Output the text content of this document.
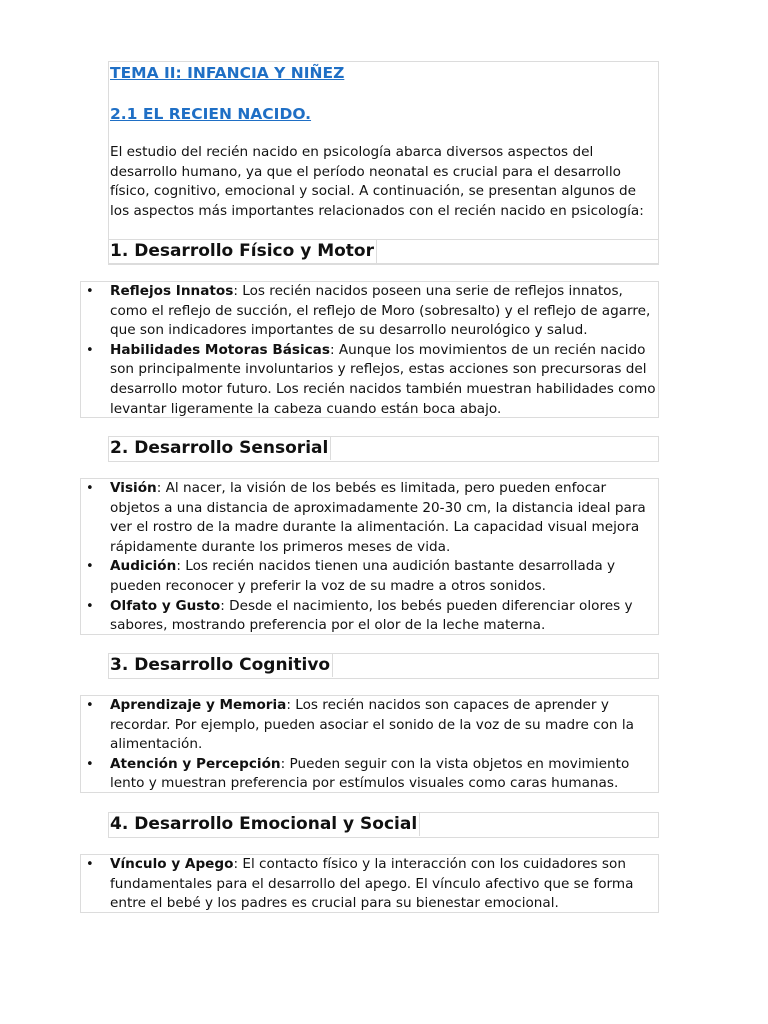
TEMA II: INFANCIA Y NIÑEZ
2.1 EL RECIEN NACIDO.

El estudio del recién nacido en psicología abarca diversos aspectos del desarrollo humano, ya que el período neonatal es crucial para el desarrollo físico, cognitivo, emocional y social. A continuación, se presentan algunos de los aspectos más importantes relacionados con el recién nacido en psicología:

1. Desarrollo Físico y Motor
• Reflejos Innatos: Los recién nacidos poseen una serie de reflejos innatos, como el reflejo de succión, el reflejo de Moro (sobresalto) y el reflejo de agarre, que son indicadores importantes de su desarrollo neurológico y salud.
• Habilidades Motoras Básicas: Aunque los movimientos de un recién nacido son principalmente involuntarios y reflejos, estas acciones son precursoras del desarrollo motor futuro. Los recién nacidos también muestran habilidades como levantar ligeramente la cabeza cuando están boca abajo.
2. Desarrollo Sensorial
• Visión: Al nacer, la visión de los bebés es limitada, pero pueden enfocar objetos a una distancia de aproximadamente 20-30 cm, la distancia ideal para ver el rostro de la madre durante la alimentación. La capacidad visual mejora rápidamente durante los primeros meses de vida.
• Audición: Los recién nacidos tienen una audición bastante desarrollada y pueden reconocer y preferir la voz de su madre a otros sonidos.
• Olfato y Gusto: Desde el nacimiento, los bebés pueden diferenciar olores y sabores, mostrando preferencia por el olor de la leche materna.
3. Desarrollo Cognitivo
• Aprendizaje y Memoria: Los recién nacidos son capaces de aprender y recordar. Por ejemplo, pueden asociar el sonido de la voz de su madre con la alimentación.
• Atención y Percepción: Pueden seguir con la vista objetos en movimiento lento y muestran preferencia por estímulos visuales como caras humanas.
4. Desarrollo Emocional y Social
• Vínculo y Apego: El contacto físico y la interacción con los cuidadores son fundamentales para el desarrollo del apego. El vínculo afectivo que se forma entre el bebé y los padres es crucial para su bienestar emocional.
